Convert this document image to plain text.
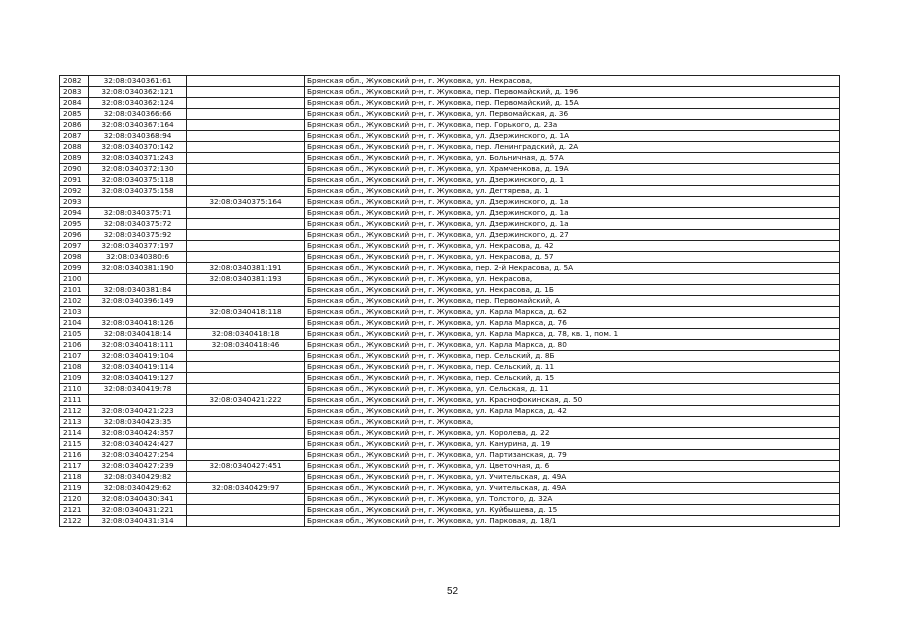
2082	32:08:0340361:61		Брянская обл., Жуковский р-н, г. Жуковка, ул. Некрасова,
2083	32:08:0340362:121		Брянская обл., Жуковский р-н, г. Жуковка, пер. Первомайский, д. 196
2084	32:08:0340362:124		Брянская обл., Жуковский р-н, г. Жуковка, пер. Первомайский, д. 15А
2085	32:08:0340366:66		Брянская обл., Жуковский р-н, г. Жуковка, ул. Первомайская, д. 36
2086	32:08:0340367:164		Брянская обл., Жуковский р-н, г. Жуковка, пер. Горького, д. 23а
2087	32:08:0340368:94		Брянская обл., Жуковский р-н, г. Жуковка, ул. Дзержинского, д. 1А
2088	32:08:0340370:142		Брянская обл., Жуковский р-н, г. Жуковка, пер. Ленинградский, д. 2А
2089	32:08:0340371:243		Брянская обл., Жуковский р-н, г. Жуковка, ул. Больничная, д. 57А
2090	32:08:0340372:130		Брянская обл., Жуковский р-н, г. Жуковка, ул. Храмченкова, д. 19А
2091	32:08:0340375:118		Брянская обл., Жуковский р-н, г. Жуковка, ул. Дзержинского, д. 1
2092	32:08:0340375:158		Брянская обл., Жуковский р-н, г. Жуковка, ул. Дегтярева, д. 1
2093		32:08:0340375:164	Брянская обл., Жуковский р-н, г. Жуковка, ул. Дзержинского, д. 1а
2094	32:08:0340375:71		Брянская обл., Жуковский р-н, г. Жуковка, ул. Дзержинского, д. 1а
2095	32:08:0340375:72		Брянская обл., Жуковский р-н, г. Жуковка, ул. Дзержинского, д. 1а
2096	32:08:0340375:92		Брянская обл., Жуковский р-н, г. Жуковка, ул. Дзержинского, д. 27
2097	32:08:0340377:197		Брянская обл., Жуковский р-н, г. Жуковка, ул. Некрасова, д. 42
2098	32:08:0340380:6		Брянская обл., Жуковский р-н, г. Жуковка, ул. Некрасова, д. 57
2099	32:08:0340381:190	32:08:0340381:191	Брянская обл., Жуковский р-н, г. Жуковка, пер. 2-й Некрасова, д. 5А
2100		32:08:0340381:193	Брянская обл., Жуковский р-н, г. Жуковка, ул. Некрасова,
2101	32:08:0340381:84		Брянская обл., Жуковский р-н, г. Жуковка, ул. Некрасова, д. 1Б
2102	32:08:0340396:149		Брянская обл., Жуковский р-н, г. Жуковка, пер. Первомайский, А
2103		32:08:0340418:118	Брянская обл., Жуковский р-н, г. Жуковка, ул. Карла Маркса, д. 62
2104	32:08:0340418:126		Брянская обл., Жуковский р-н, г. Жуковка, ул. Карла Маркса, д. 76
2105	32:08:0340418:14	32:08:0340418:18	Брянская обл., Жуковский р-н, г. Жуковка, ул. Карла Маркса, д. 78, кв. 1, пом. 1
2106	32:08:0340418:111	32:08:0340418:46	Брянская обл., Жуковский р-н, г. Жуковка, ул. Карла Маркса, д. 80
2107	32:08:0340419:104		Брянская обл., Жуковский р-н, г. Жуковка, пер. Сельский, д. 8Б
2108	32:08:0340419:114		Брянская обл., Жуковский р-н, г. Жуковка, пер. Сельский, д. 11
2109	32:08:0340419:127		Брянская обл., Жуковский р-н, г. Жуковка, пер. Сельский, д. 15
2110	32:08:0340419:78		Брянская обл., Жуковский р-н, г. Жуковка, ул. Сельская, д. 11
2111		32:08:0340421:222	Брянская обл., Жуковский р-н, г. Жуковка, ул. Краснофокинская, д. 50
2112	32:08:0340421:223		Брянская обл., Жуковский р-н, г. Жуковка, ул. Карла Маркса, д. 42
2113	32:08:0340423:35		Брянская обл., Жуковский р-н, г. Жуковка,
2114	32:08:0340424:357		Брянская обл., Жуковский р-н, г. Жуковка, ул. Королева, д. 22
2115	32:08:0340424:427		Брянская обл., Жуковский р-н, г. Жуковка, ул. Канурина, д. 19
2116	32:08:0340427:254		Брянская обл., Жуковский р-н, г. Жуковка, ул. Партизанская, д. 79
2117	32:08:0340427:239	32:08:0340427:451	Брянская обл., Жуковский р-н, г. Жуковка, ул. Цветочная, д. 6
2118	32:08:0340429:82		Брянская обл., Жуковский р-н, г. Жуковка, ул. Учительская, д. 49А
2119	32:08:0340429:62	32:08:0340429:97	Брянская обл., Жуковский р-н, г. Жуковка, ул. Учительская, д. 49А
2120	32:08:0340430:341		Брянская обл., Жуковский р-н, г. Жуковка, ул. Толстого, д. 32А
2121	32:08:0340431:221		Брянская обл., Жуковский р-н, г. Жуковка, ул. Куйбышева, д. 15
2122	32:08:0340431:314		Брянская обл., Жуковский р-н, г. Жуковка, ул. Парковая, д. 18/1
52
